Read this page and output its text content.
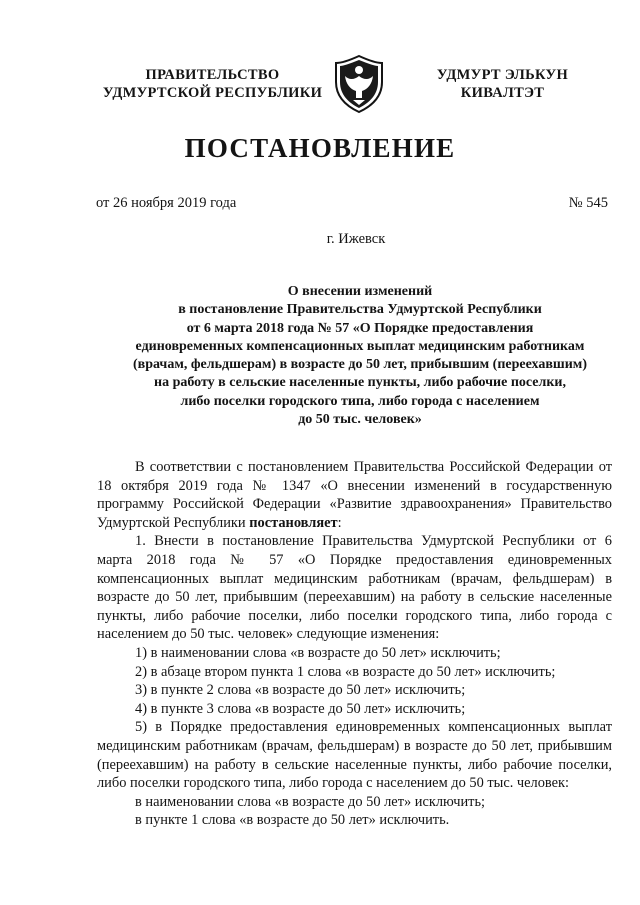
ПРАВИТЕЛЬСТВО
УДМУРТСКОЙ РЕСПУБЛИКИ
УДМУРТ ЭЛЬКУН
КИВАЛТЭТ
ПОСТАНОВЛЕНИЕ
от 26 ноября 2019 года	№ 545
г. Ижевск
О внесении изменений
в постановление Правительства Удмуртской Республики
от 6 марта 2018 года № 57 «О Порядке предоставления
единовременных компенсационных выплат медицинским работникам
(врачам, фельдшерам) в возрасте до 50 лет, прибывшим (переехавшим)
на работу в сельские населенные пункты, либо рабочие поселки,
либо поселки городского типа, либо города с населением
до 50 тыс. человек»
В соответствии с постановлением Правительства Российской Федерации от 18 октября 2019 года № 1347 «О внесении изменений в государственную программу Российской Федерации «Развитие здравоохранения» Правительство Удмуртской Республики постановляет:
1. Внести в постановление Правительства Удмуртской Республики от 6 марта 2018 года № 57 «О Порядке предоставления единовременных компенсационных выплат медицинским работникам (врачам, фельдшерам) в возрасте до 50 лет, прибывшим (переехавшим) на работу в сельские населенные пункты, либо рабочие поселки, либо поселки городского типа, либо города с населением до 50 тыс. человек» следующие изменения:
1) в наименовании слова «в возрасте до 50 лет» исключить;
2) в абзаце втором пункта 1 слова «в возрасте до 50 лет» исключить;
3) в пункте 2 слова «в возрасте до 50 лет» исключить;
4) в пункте 3 слова «в возрасте до 50 лет» исключить;
5) в Порядке предоставления единовременных компенсационных выплат медицинским работникам (врачам, фельдшерам) в возрасте до 50 лет, прибывшим (переехавшим) на работу в сельские населенные пункты, либо рабочие поселки, либо поселки городского типа, либо города с населением до 50 тыс. человек:
в наименовании слова «в возрасте до 50 лет» исключить;
в пункте 1 слова «в возрасте до 50 лет» исключить.
